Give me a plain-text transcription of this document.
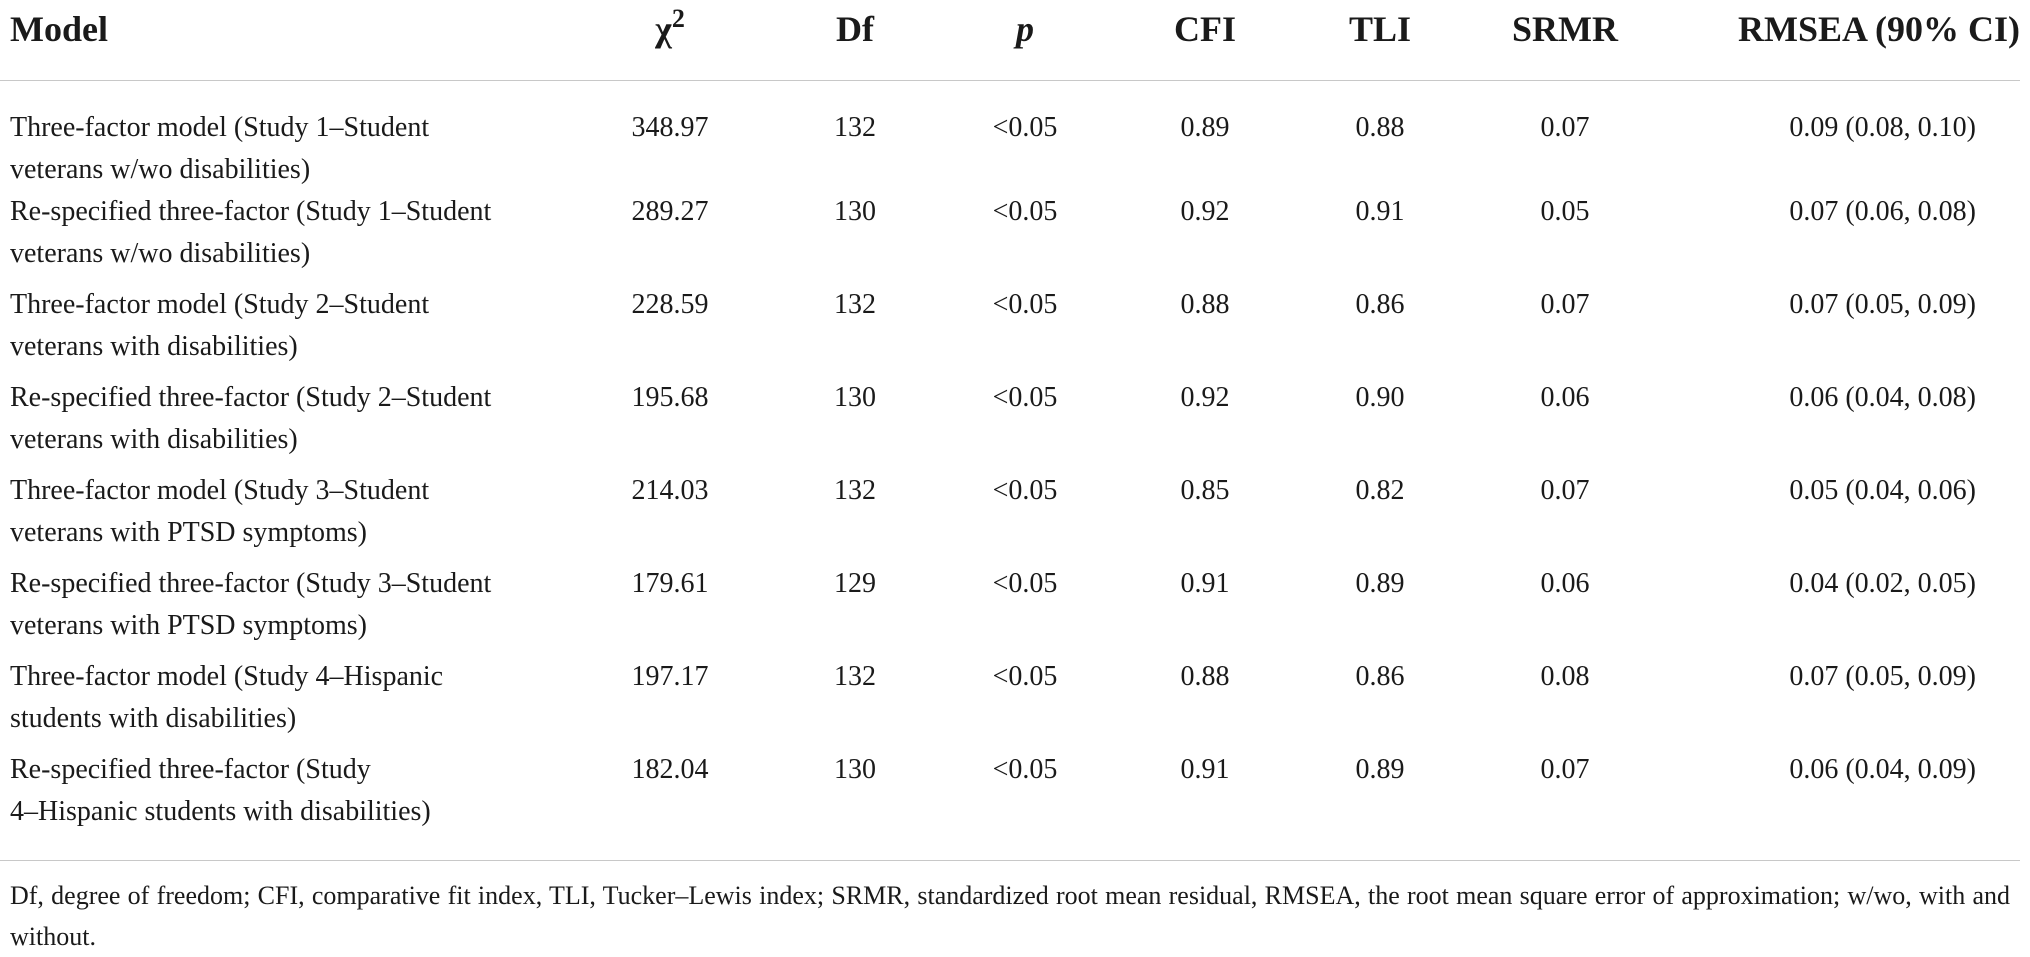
Model	$\chi^2$	Df	p	CFI	TLI	SRMR	RMSEA (90% CI)

Three-factor model (Study 1–Student
veterans w/wo disabilities)	348.97	132	<0.05	0.89	0.88	0.07	0.09 (0.08, 0.10)

Re-specified three-factor (Study 1–Student
veterans w/wo disabilities)	289.27	130	<0.05	0.92	0.91	0.05	0.07 (0.06, 0.08)

Three-factor model (Study 2–Student
veterans with disabilities)	228.59	132	<0.05	0.88	0.86	0.07	0.07 (0.05, 0.09)

Re-specified three-factor (Study 2–Student
veterans with disabilities)	195.68	130	<0.05	0.92	0.90	0.06	0.06 (0.04, 0.08)

Three-factor model (Study 3–Student
veterans with PTSD symptoms)	214.03	132	<0.05	0.85	0.82	0.07	0.05 (0.04, 0.06)

Re-specified three-factor (Study 3–Student
veterans with PTSD symptoms)	179.61	129	<0.05	0.91	0.89	0.06	0.04 (0.02, 0.05)

Three-factor model (Study 4–Hispanic
students with disabilities)	197.17	132	<0.05	0.88	0.86	0.08	0.07 (0.05, 0.09)

Re-specified three-factor (Study
4–Hispanic students with disabilities)	182.04	130	<0.05	0.91	0.89	0.07	0.06 (0.04, 0.09)
Df, degree of freedom; CFI, comparative fit index, TLI, Tucker–Lewis index; SRMR, standardized root mean residual, RMSEA, the root mean square error of approximation; w/wo, with and without.
